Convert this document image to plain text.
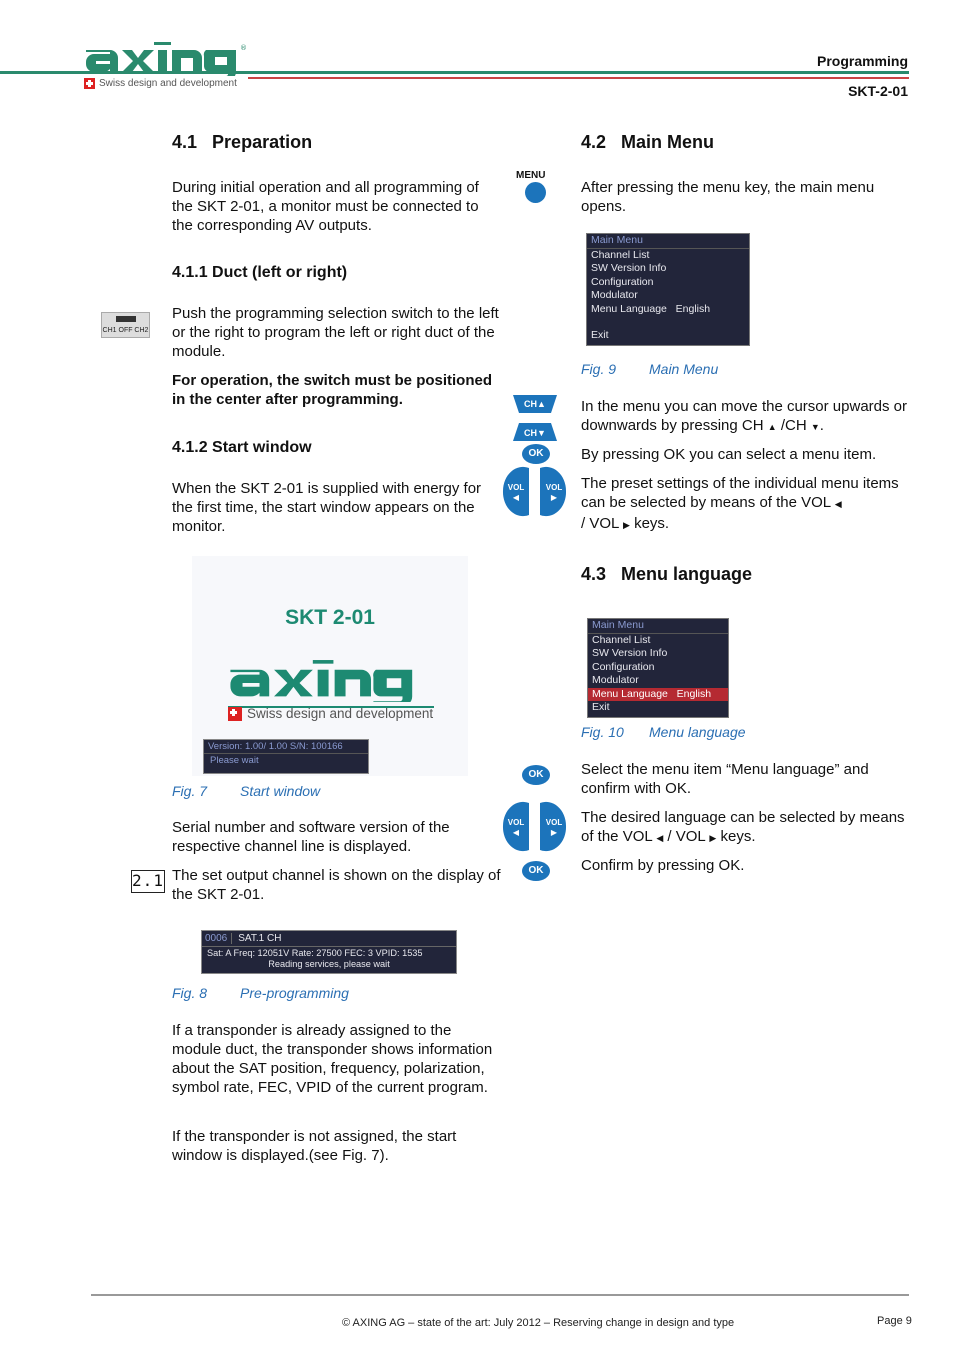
®
Swiss design and development
Programming
SKT-2-01
4.1 Preparation
During initial operation and all programming of the SKT 2-01, a monitor must be connected to the corresponding AV outputs.
4.1.1 Duct (left or right)
CH1 OFF CH2
Push the programming selection switch to the left or the right to program the left or right duct of the module.
For operation, the switch must be positioned in the center after programming.
4.1.2 Start window
When the SKT 2-01 is supplied with energy for the first time, the start window appears on the monitor.
SKT 2-01
Swiss design and development
Version: 1.00/ 1.00 S/N: 100166
Please wait
Fig. 7 Start window
Serial number and software version of the respective channel line is displayed.
2.1 The set output channel is shown on the display of the SKT 2-01.
0006	SAT.1 CH
Sat: A Freq: 12051V Rate: 27500 FEC: 3 VPID: 1535
Reading services, please wait
Fig. 8 Pre-programming
If a transponder is already assigned to the module duct, the transponder shows information about the SAT position, frequency, polarization, symbol rate, FEC, VPID of the current program.
If the transponder is not assigned, the start window is displayed.(see Fig. 7).
MENU
CH▲
CH▼
OK
VOL
◀
VOL
▶
OK
VOL
◀
VOL
▶
OK
4.2 Main Menu
After pressing the menu key, the main menu opens.
Main Menu
Channel List
SW Version Info
Configuration
Modulator
Menu Language English
Exit
Fig. 9 Main Menu
In the menu you can move the cursor upwards or downwards by pressing CH ▲ /CH ▼.
By pressing OK you can select a menu item.
The preset settings of the individual menu items can be selected by means of the VOL ◀
/ VOL ▶ keys.
4.3 Menu language
Main Menu
Channel List
SW Version Info
Configuration
Modulator
Menu Language English
Exit
Fig. 10 Menu language
Select the menu item “Menu language” and confirm with OK.
The desired language can be selected by means of the VOL ◀ / VOL ▶ keys.
Confirm by pressing OK.
© AXING AG – state of the art: July 2012 – Reserving change in design and type	Page 9
